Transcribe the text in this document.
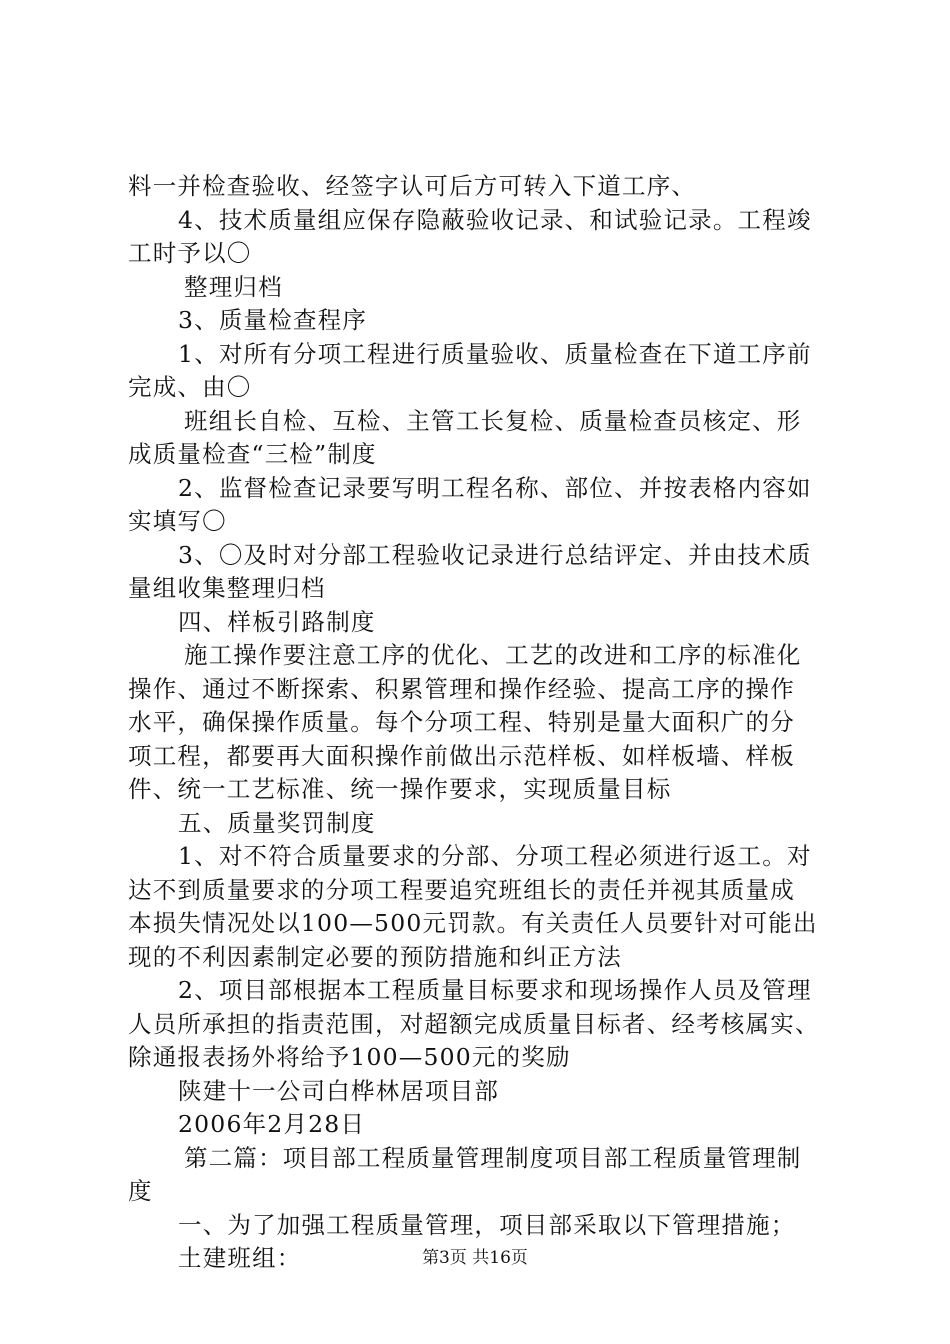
料一并检查验收、经签字认可后方可转入下道工序、
4、技术质量组应保存隐蔽验收记录、和试验记录。工程竣
工时予以〇
整理归档
3、质量检查程序
1、对所有分项工程进行质量验收、质量检查在下道工序前
完成、由〇
班组长自检、互检、主管工长复检、质量检查员核定、形
成质量检查“三检”制度
2、监督检查记录要写明工程名称、部位、并按表格内容如
实填写〇
3、〇及时对分部工程验收记录进行总结评定、并由技术质
量组收集整理归档
四、样板引路制度
施工操作要注意工序的优化、工艺的改进和工序的标准化
操作、通过不断探索、积累管理和操作经验、提高工序的操作
水平，确保操作质量。每个分项工程、特别是量大面积广的分
项工程，都要再大面积操作前做出示范样板、如样板墙、样板
件、统一工艺标准、统一操作要求，实现质量目标
五、质量奖罚制度
1、对不符合质量要求的分部、分项工程必须进行返工。对
达不到质量要求的分项工程要追究班组长的责任并视其质量成
本损失情况处以100—500元罚款。有关责任人员要针对可能出
现的不利因素制定必要的预防措施和纠正方法
2、项目部根据本工程质量目标要求和现场操作人员及管理
人员所承担的指责范围，对超额完成质量目标者、经考核属实、
除通报表扬外将给予100—500元的奖励
陕建十一公司白桦林居项目部
2006年2月28日
第二篇：项目部工程质量管理制度项目部工程质量管理制
度
一、为了加强工程质量管理，项目部采取以下管理措施；
土建班组：	第3页 共16页
